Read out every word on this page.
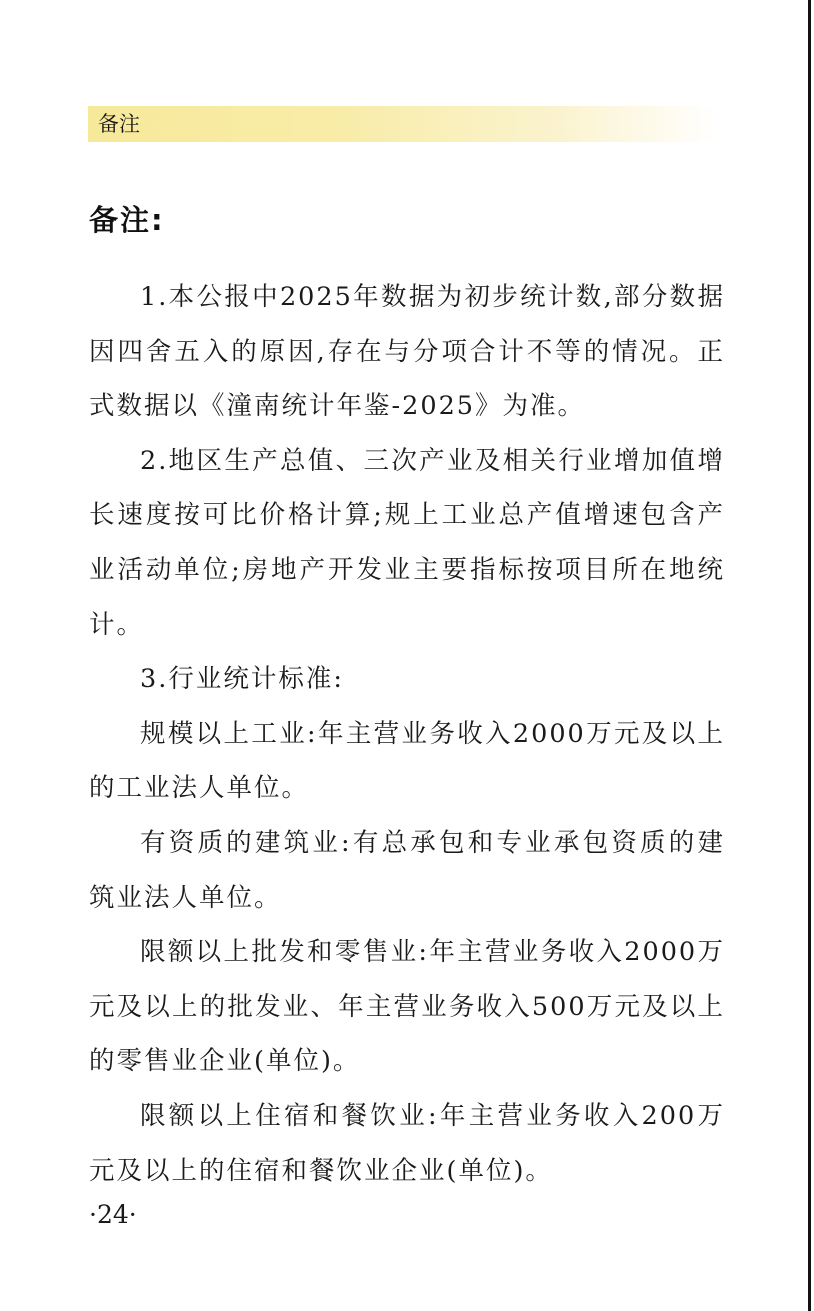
备注
备注:

1.本公报中2025年数据为初步统计数,部分数据因四舍五入的原因,存在与分项合计不等的情况。正式数据以《潼南统计年鉴-2025》为准。

2.地区生产总值、三次产业及相关行业增加值增长速度按可比价格计算;规上工业总产值增速包含产业活动单位;房地产开发业主要指标按项目所在地统计。

3.行业统计标准:

规模以上工业:年主营业务收入2000万元及以上的工业法人单位。

有资质的建筑业:有总承包和专业承包资质的建筑业法人单位。

限额以上批发和零售业:年主营业务收入2000万元及以上的批发业、年主营业务收入500万元及以上的零售业企业(单位)。

限额以上住宿和餐饮业:年主营业务收入200万元及以上的住宿和餐饮业企业(单位)。

·24·
